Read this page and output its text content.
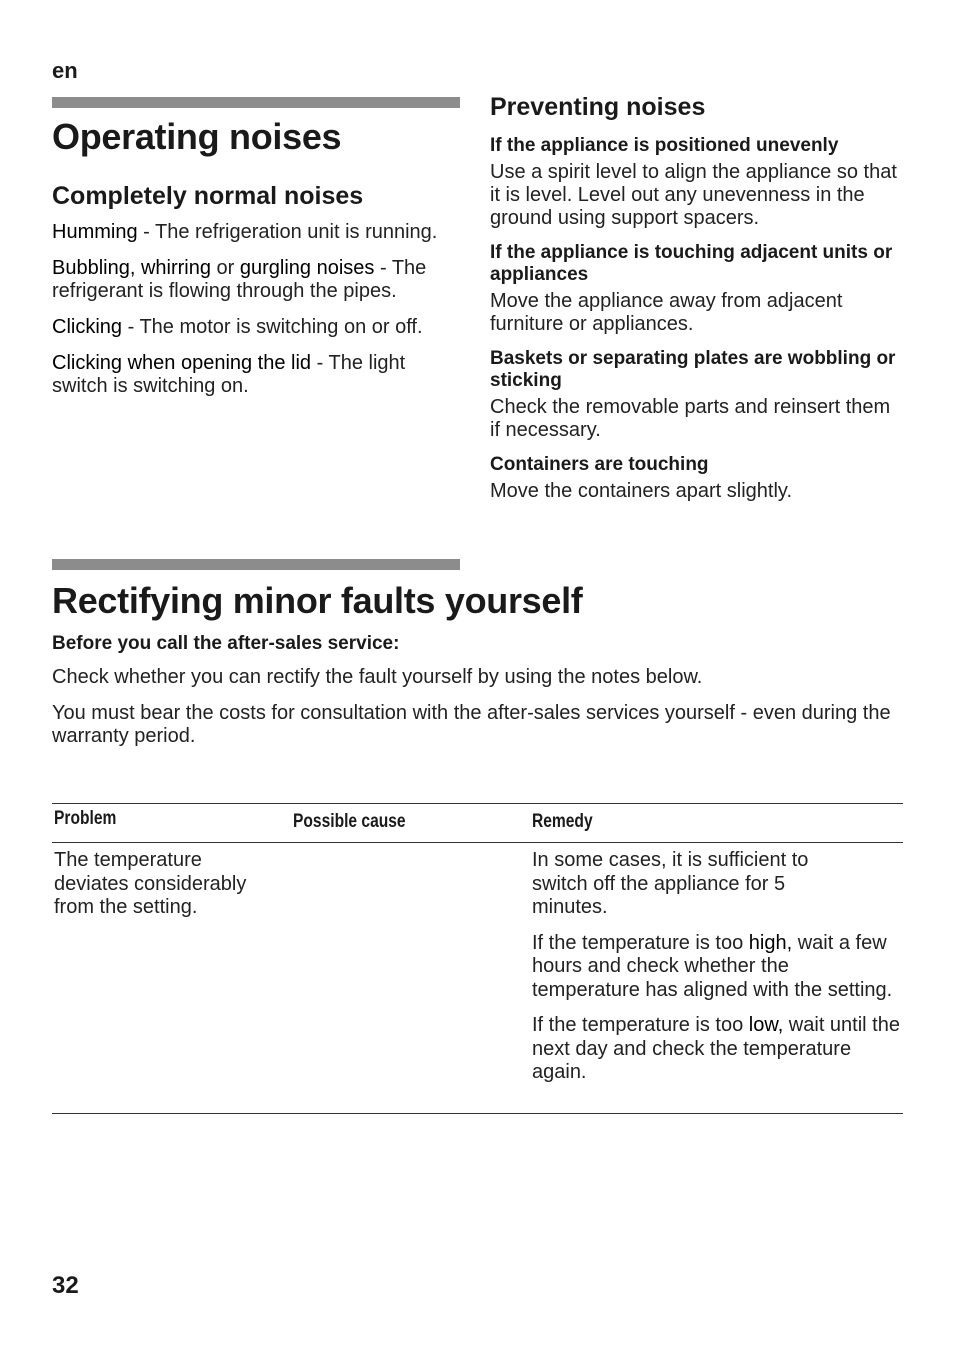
en
Operating noises
Completely normal noises

Humming - The refrigeration unit is running.

Bubbling, whirring or gurgling noises - The refrigerant is flowing through the pipes.

Clicking - The motor is switching on or off.

Clicking when opening the lid - The light switch is switching on.

Preventing noises
If the appliance is positioned unevenly
Use a spirit level to align the appliance so that it is level. Level out any unevenness in the ground using support spacers.
If the appliance is touching adjacent units or appliances
Move the appliance away from adjacent furniture or appliances.
Baskets or separating plates are wobbling or sticking
Check the removable parts and reinsert them if necessary.
Containers are touching
Move the containers apart slightly.
Rectifying minor faults yourself
Before you call the after-sales service:
Check whether you can rectify the fault yourself by using the notes below.
You must bear the costs for consultation with the after-sales services yourself - even during the warranty period.
Problem	Possible cause	Remedy
The temperature deviates considerably from the setting.
In some cases, it is sufficient to switch off the appliance for 5 minutes.
If the temperature is too high, wait a few hours and check whether the temperature has aligned with the setting.
If the temperature is too low, wait until the next day and check the temperature again.
32
